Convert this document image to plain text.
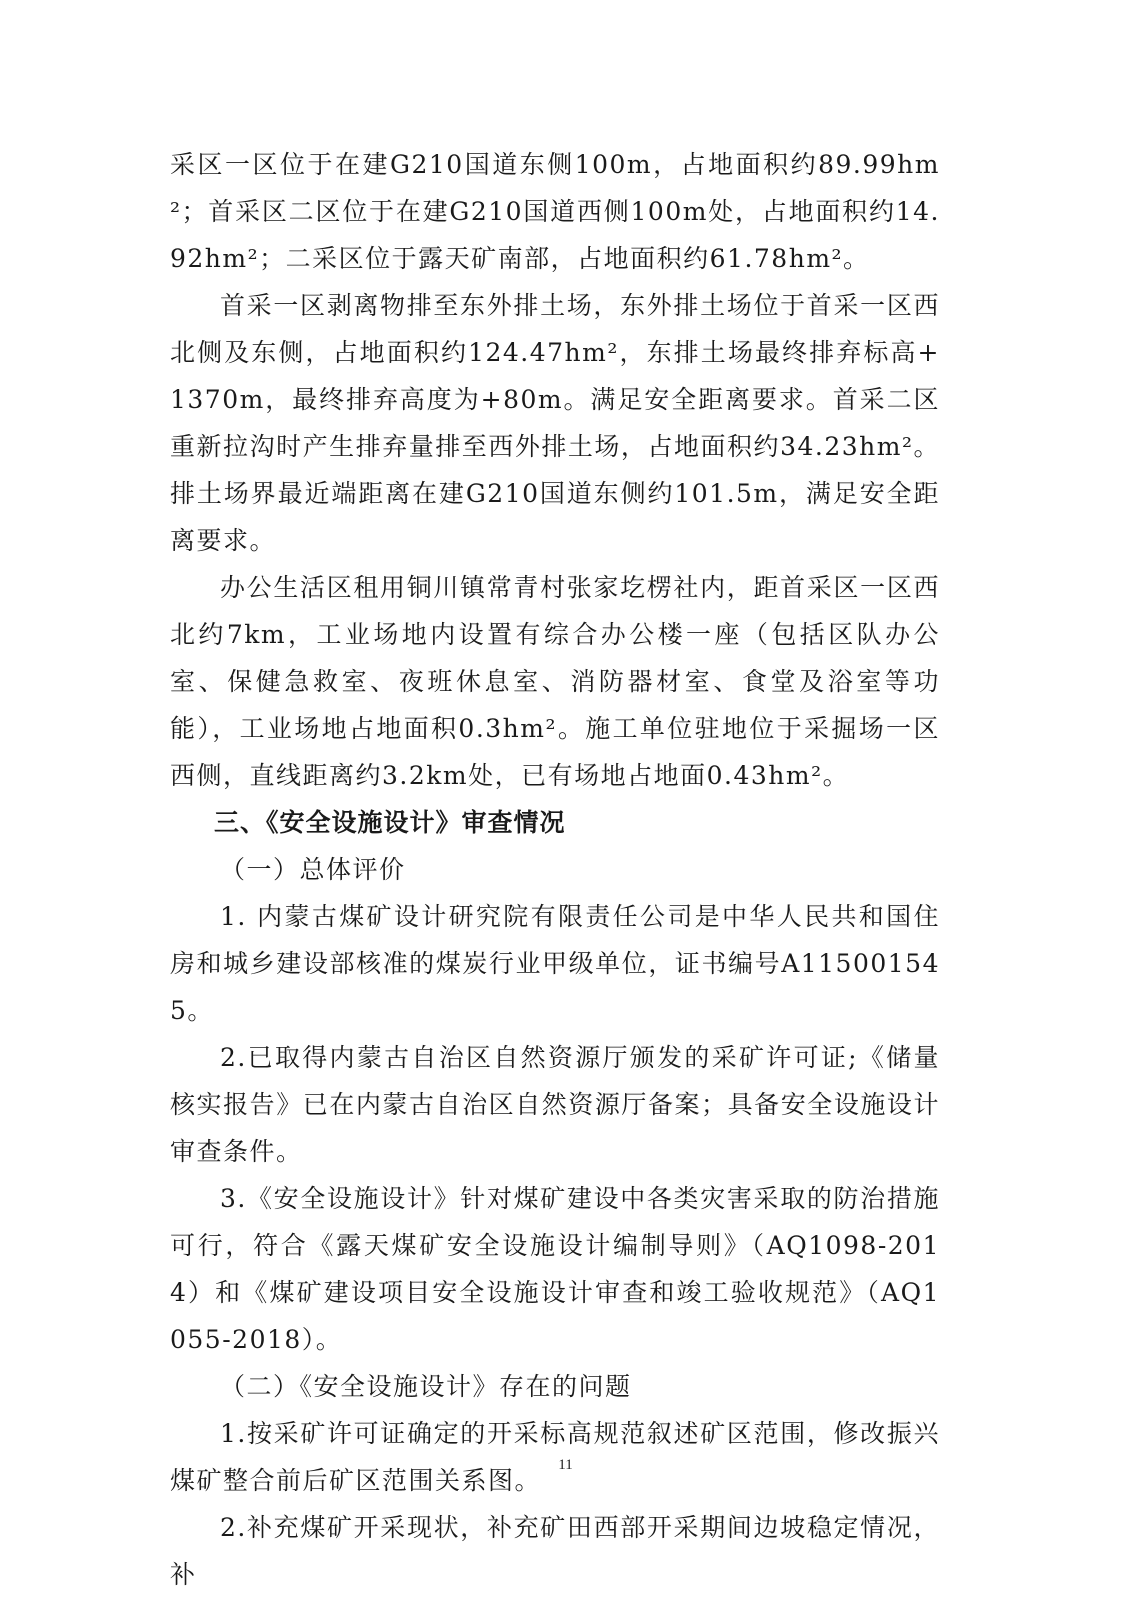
采区一区位于在建G210国道东侧100m，占地面积约89.99hm²；首采区二区位于在建G210国道西侧100m处，占地面积约14.92hm²；二采区位于露天矿南部，占地面积约61.78hm²。

首采一区剥离物排至东外排土场，东外排土场位于首采一区西北侧及东侧，占地面积约124.47hm²，东排土场最终排弃标高+1370m，最终排弃高度为+80m。满足安全距离要求。首采二区重新拉沟时产生排弃量排至西外排土场，占地面积约34.23hm²。排土场界最近端距离在建G210国道东侧约101.5m，满足安全距离要求。

办公生活区租用铜川镇常青村张家圪楞社内，距首采区一区西北约7km，工业场地内设置有综合办公楼一座（包括区队办公室、保健急救室、夜班休息室、消防器材室、食堂及浴室等功能），工业场地占地面积0.3hm²。施工单位驻地位于采掘场一区西侧，直线距离约3.2km处，已有场地占地面0.43hm²。

三、《安全设施设计》审查情况

（一）总体评价

1. 内蒙古煤矿设计研究院有限责任公司是中华人民共和国住房和城乡建设部核准的煤炭行业甲级单位，证书编号A115001545。

2.已取得内蒙古自治区自然资源厅颁发的采矿许可证;《储量核实报告》已在内蒙古自治区自然资源厅备案；具备安全设施设计审查条件。

3.《安全设施设计》针对煤矿建设中各类灾害采取的防治措施可行，符合《露天煤矿安全设施设计编制导则》（AQ1098-2014）和《煤矿建设项目安全设施设计审查和竣工验收规范》（AQ1055-2018）。

（二）《安全设施设计》存在的问题

1.按采矿许可证确定的开采标高规范叙述矿区范围，修改振兴煤矿整合前后矿区范围关系图。

2.补充煤矿开采现状，补充矿田西部开采期间边坡稳定情况，补

11
